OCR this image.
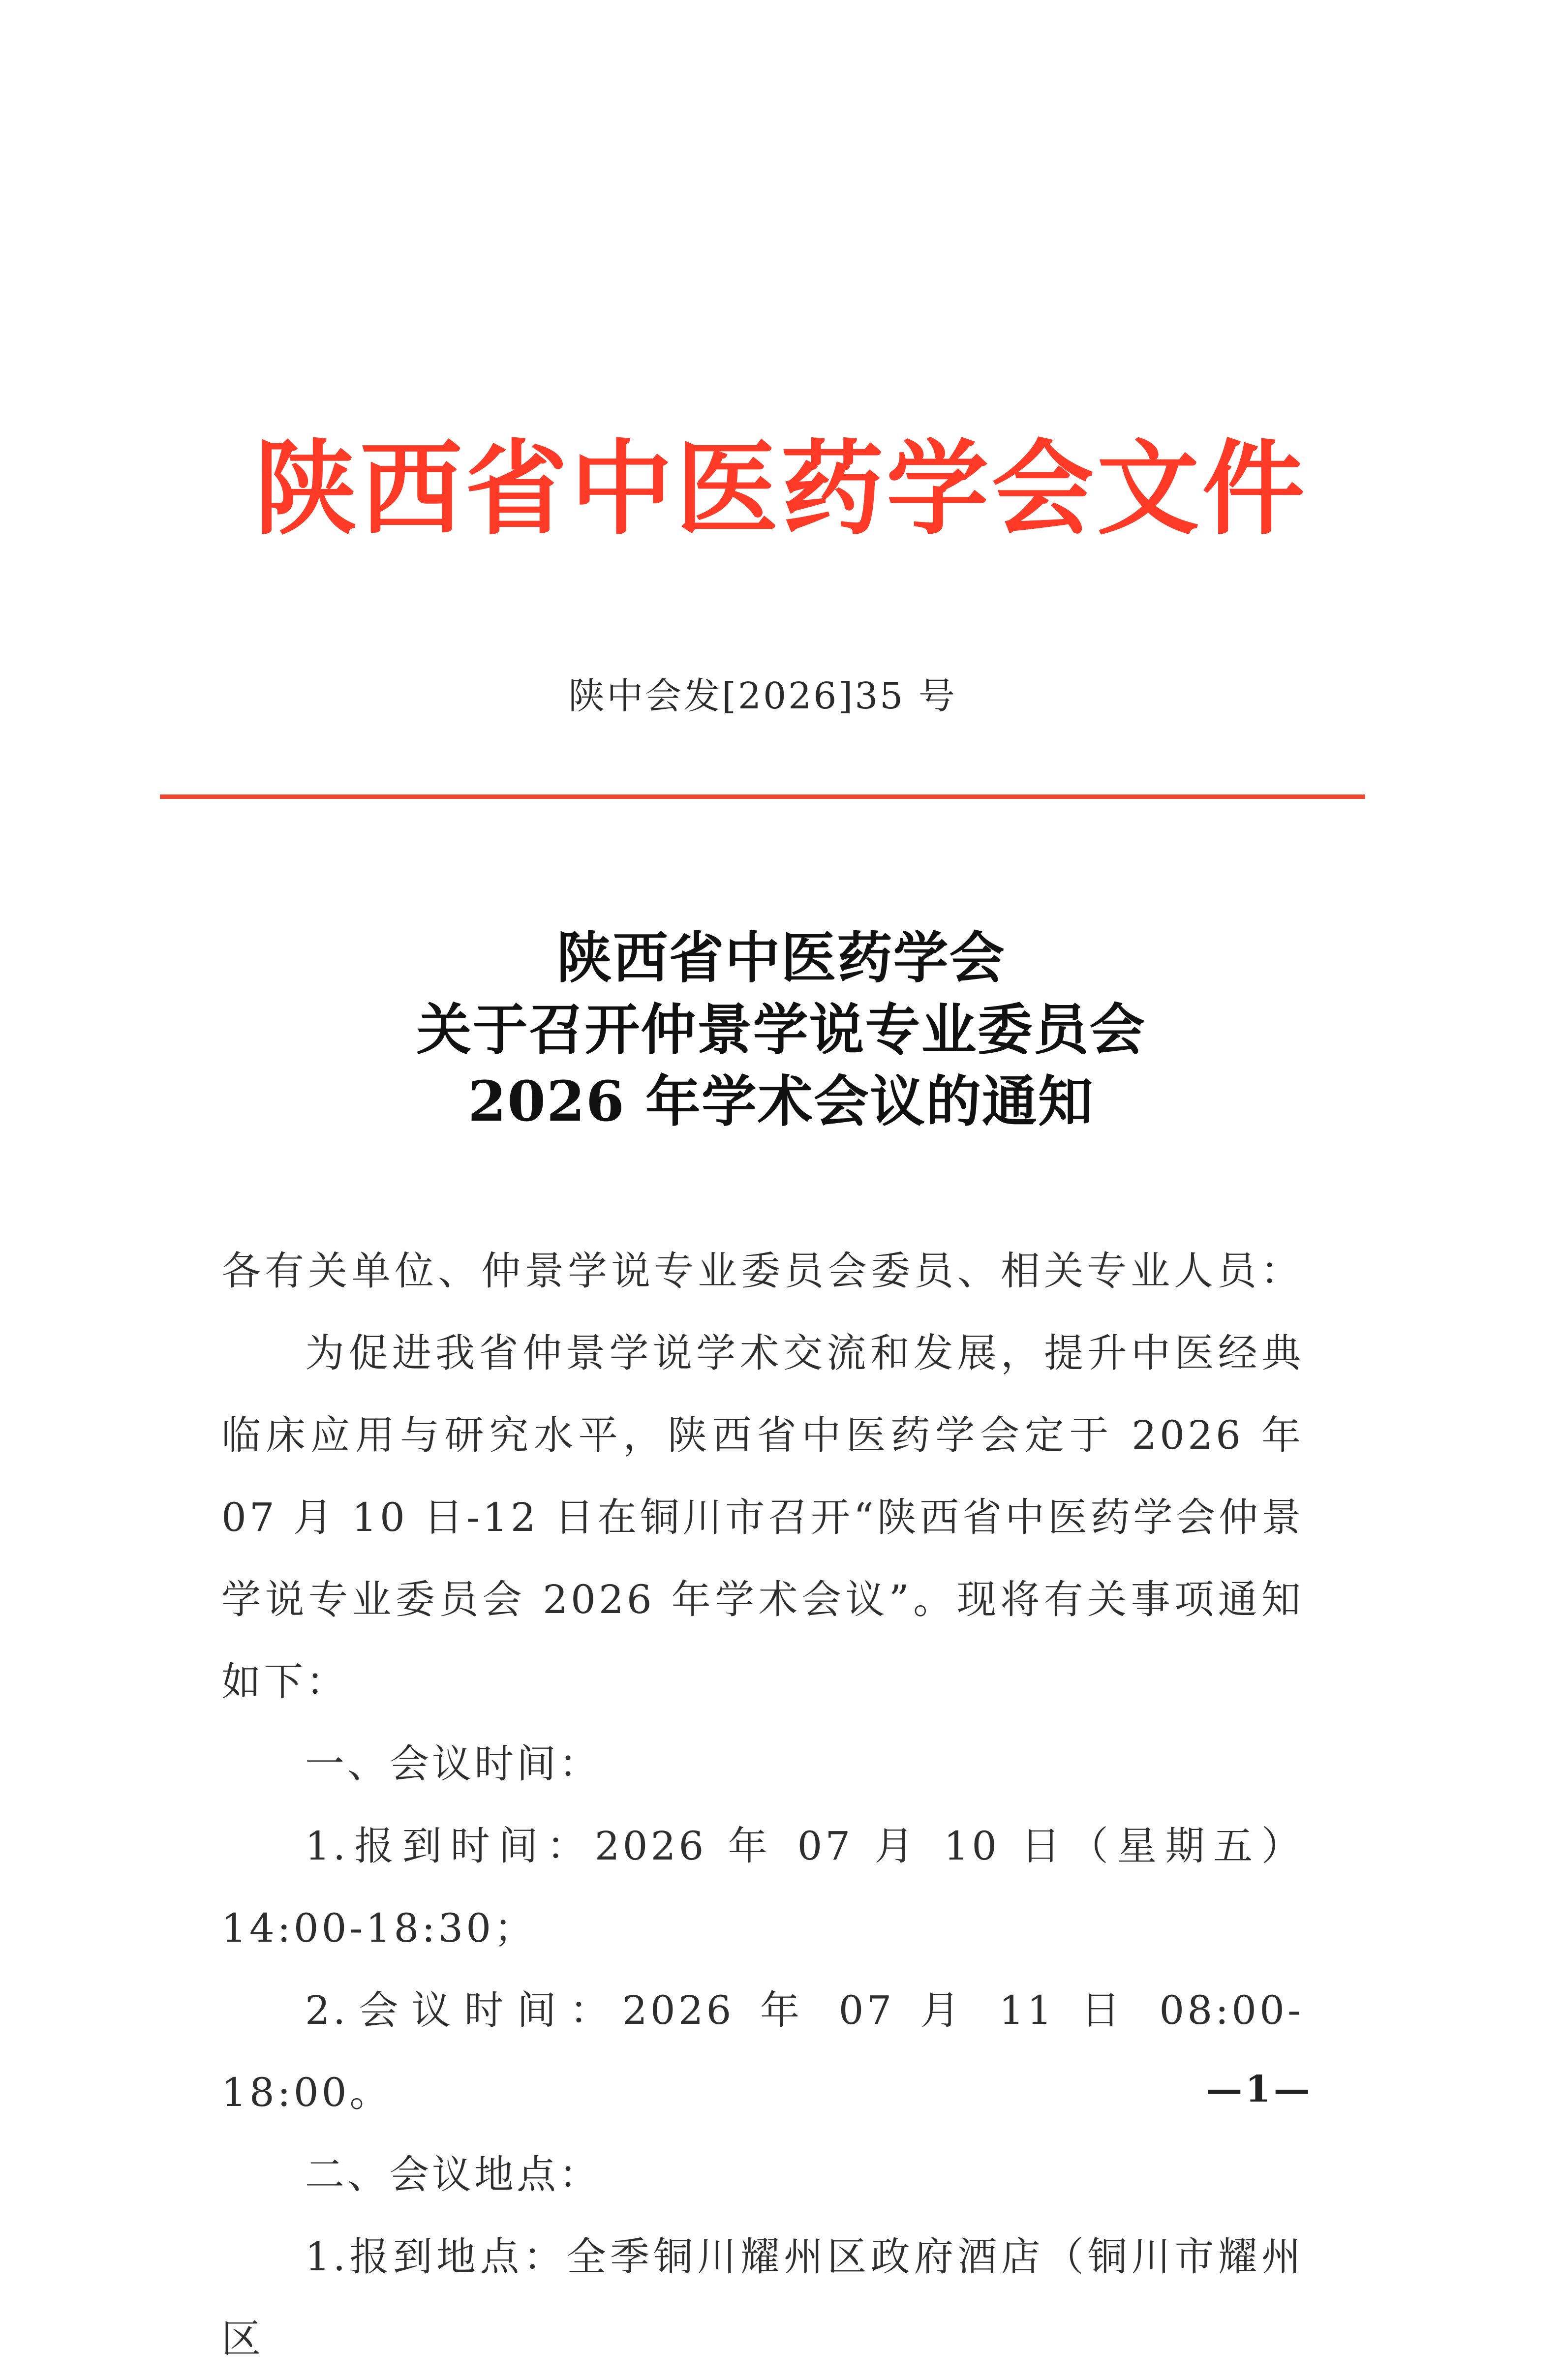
陕西省中医药学会文件
陕中会发[2026]35 号
陕西省中医药学会
关于召开仲景学说专业委员会
2026 年学术会议的通知

各有关单位、仲景学说专业委员会委员、相关专业人员：

为促进我省仲景学说学术交流和发展，提升中医经典临床应用与研究水平，陕西省中医药学会定于 2026 年 07 月 10 日-12 日在铜川市召开“陕西省中医药学会仲景学说专业委员会 2026 年学术会议”。现将有关事项通知如下：

一、会议时间：

1.报到时间：2026 年 07 月 10 日（星期五）14:00-18:30；

2.会议时间：2026 年 07 月 11 日 08:00-18:00。

二、会议地点：

1.报到地点：全季铜川耀州区政府酒店（铜川市耀州区

—1—
